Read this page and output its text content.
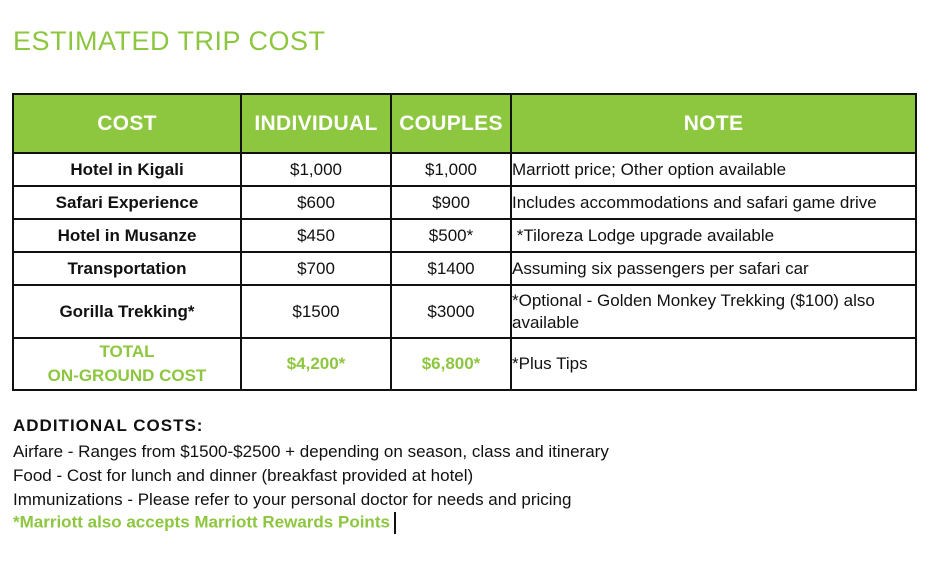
ESTIMATED TRIP COST
COST	INDIVIDUAL	COUPLES	NOTE
Hotel in Kigali	$1,000	$1,000	Marriott price; Other option available
Safari Experience	$600	$900	Includes accommodations and safari game drive
Hotel in Musanze	$450	$500*	*Tiloreza Lodge upgrade available
Transportation	$700	$1400	Assuming six passengers per safari car
Gorilla Trekking*	$1500	$3000	*Optional - Golden Monkey Trekking ($100) also available

TOTAL
ON-GROUND COST	$4,200*	$6,800*	*Plus Tips
ADDITIONAL COSTS:
Airfare - Ranges from $1500-$2500 + depending on season, class and itinerary
Food - Cost for lunch and dinner (breakfast provided at hotel)
Immunizations - Please refer to your personal doctor for needs and pricing
*Marriott also accepts Marriott Rewards Points
